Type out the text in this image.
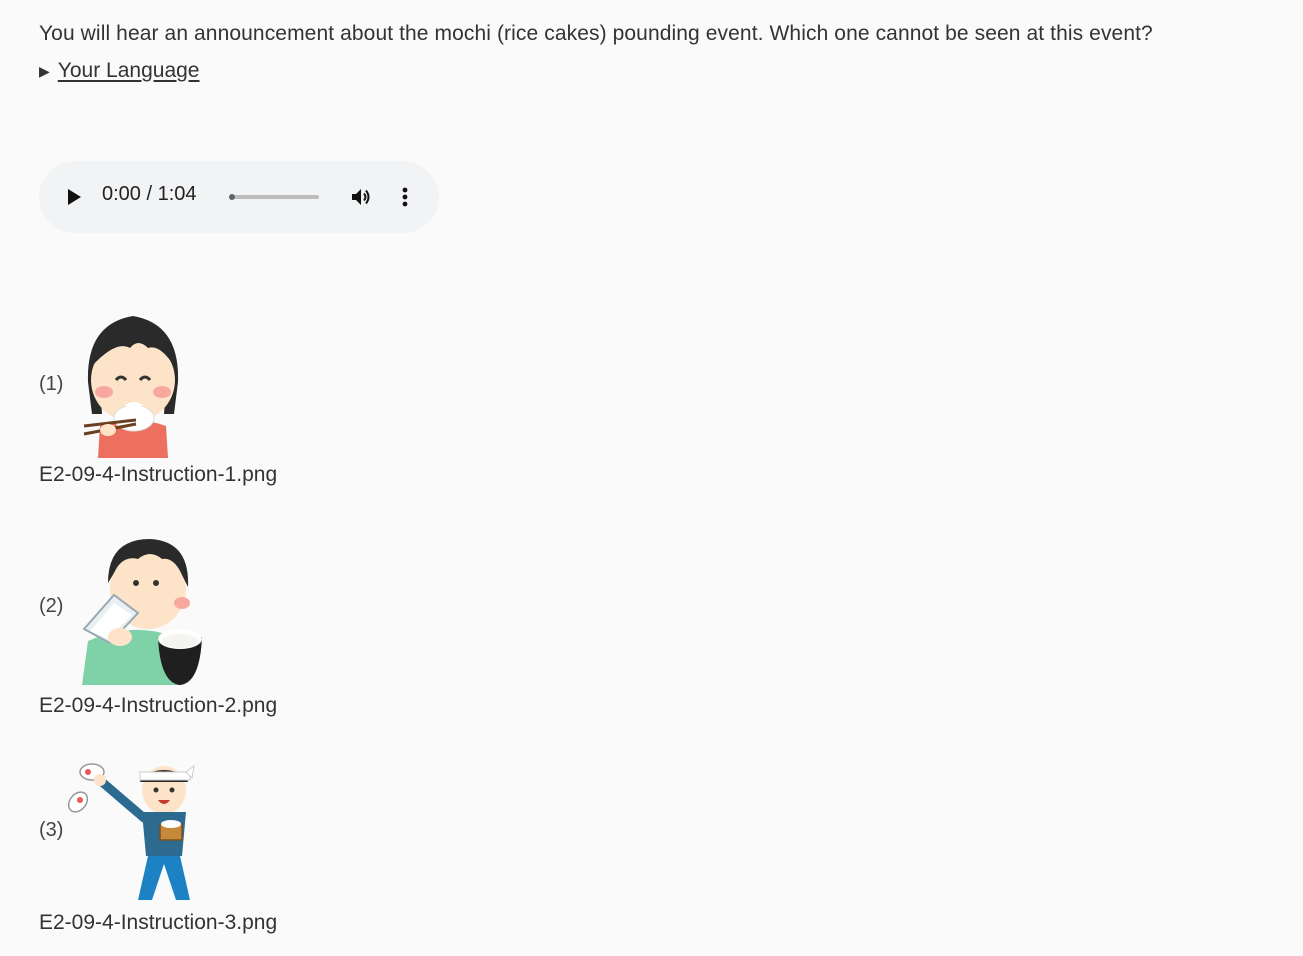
You will hear an announcement about the mochi (rice cakes) pounding event. Which one cannot be seen at this event?
▶ Your Language
0:00 / 1:04
(1)
E2-09-4-Instruction-1.png
(2)
E2-09-4-Instruction-2.png
(3)
E2-09-4-Instruction-3.png
